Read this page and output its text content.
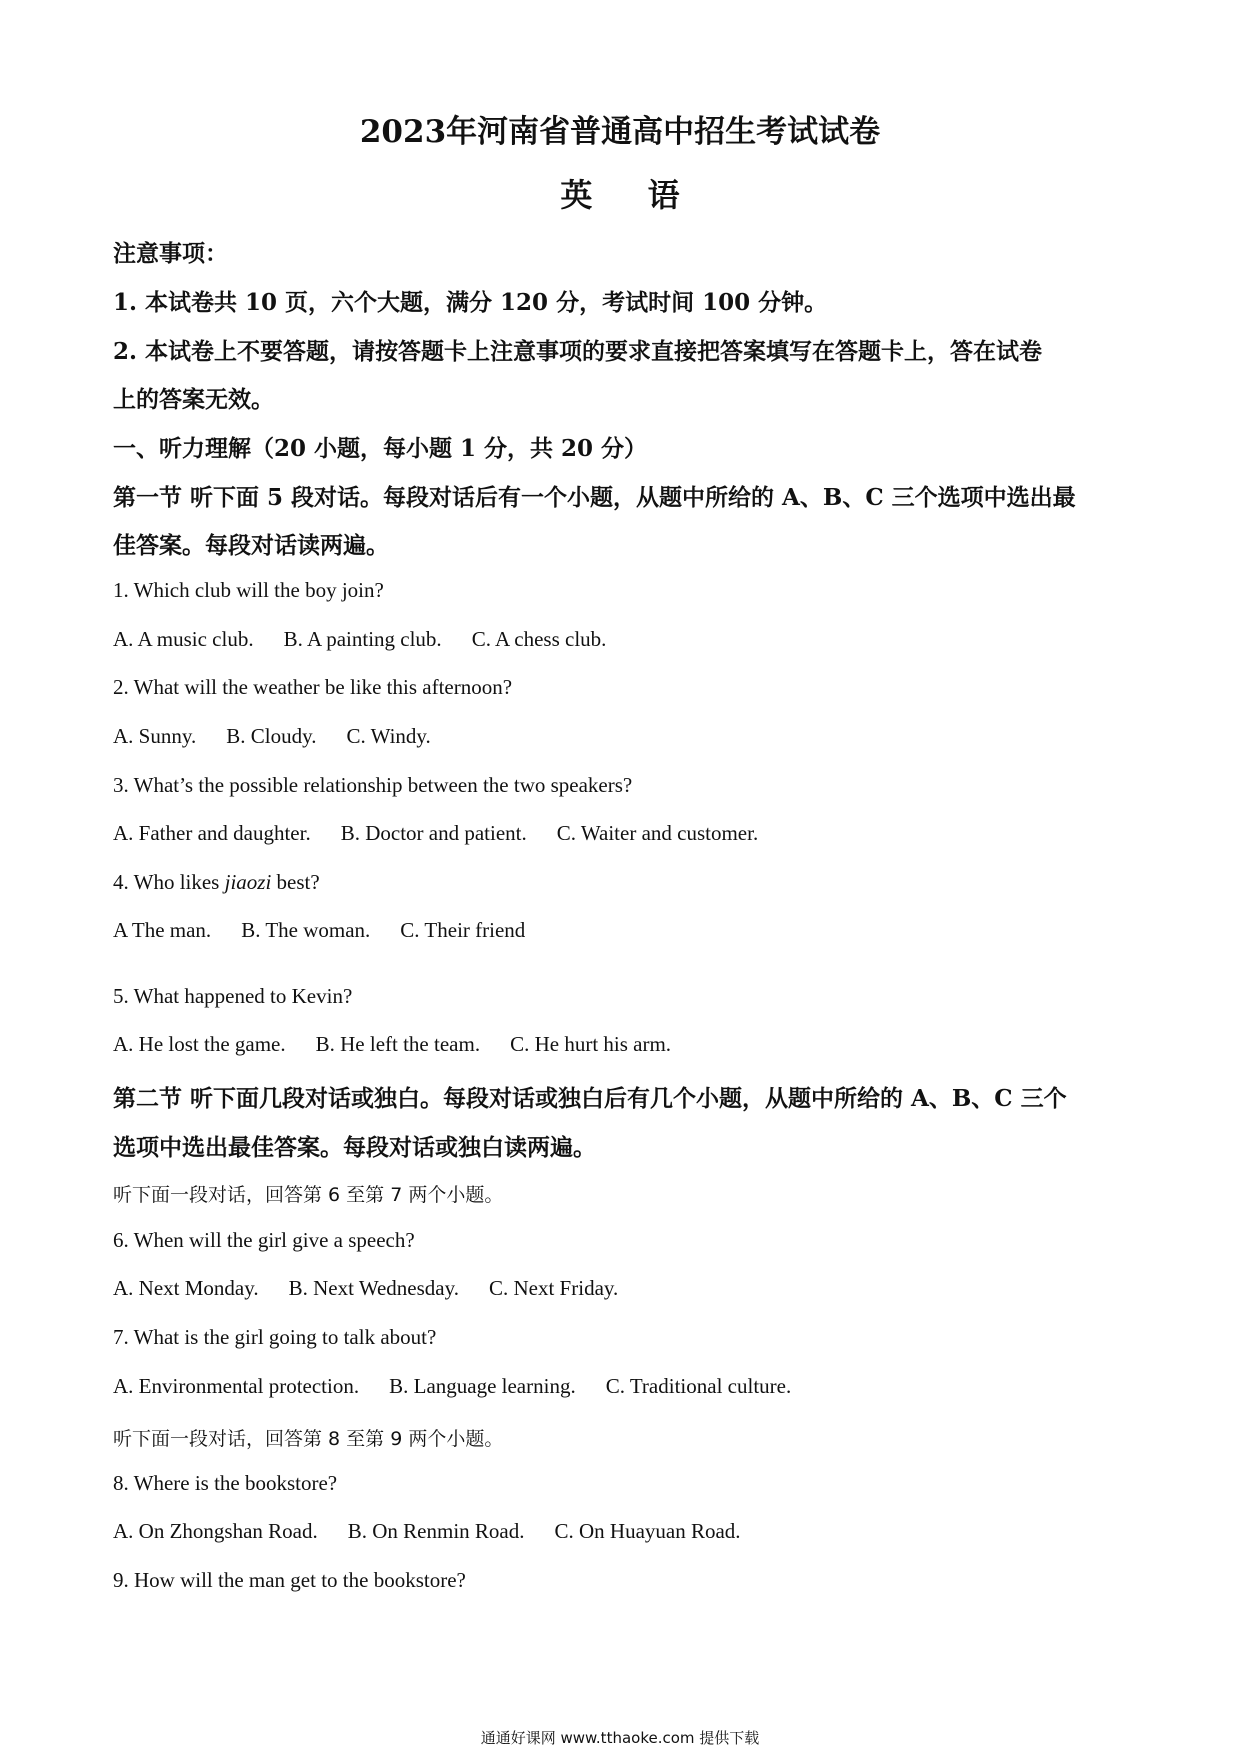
2023年河南省普通高中招生考试试卷
英 语
注意事项：
1. 本试卷共 10 页，六个大题，满分 120 分，考试时间 100 分钟。
2. 本试卷上不要答题，请按答题卡上注意事项的要求直接把答案填写在答题卡上，答在试卷
上的答案无效。
一、听力理解（20 小题，每小题 1 分，共 20 分）
第一节 听下面 5 段对话。每段对话后有一个小题，从题中所给的 A、B、C 三个选项中选出最
佳答案。每段对话读两遍。
1. Which club will the boy join?
A. A music club. B. A painting club. C. A chess club.
2. What will the weather be like this afternoon?
A. Sunny. B. Cloudy. C. Windy.
3. What’s the possible relationship between the two speakers?
A. Father and daughter. B. Doctor and patient. C. Waiter and customer.
4. Who likes jiaozi best?
A The man. B. The woman. C. Their friend
5. What happened to Kevin?
A. He lost the game. B. He left the team. C. He hurt his arm.
第二节 听下面几段对话或独白。每段对话或独白后有几个小题，从题中所给的 A、B、C 三个
选项中选出最佳答案。每段对话或独白读两遍。
听下面一段对话，回答第 6 至第 7 两个小题。
6. When will the girl give a speech?
A. Next Monday. B. Next Wednesday. C. Next Friday.
7. What is the girl going to talk about?
A. Environmental protection. B. Language learning. C. Traditional culture.
听下面一段对话，回答第 8 至第 9 两个小题。
8. Where is the bookstore?
A. On Zhongshan Road. B. On Renmin Road. C. On Huayuan Road.
9. How will the man get to the bookstore?
通通好课网 www.tthaoke.com 提供下载
